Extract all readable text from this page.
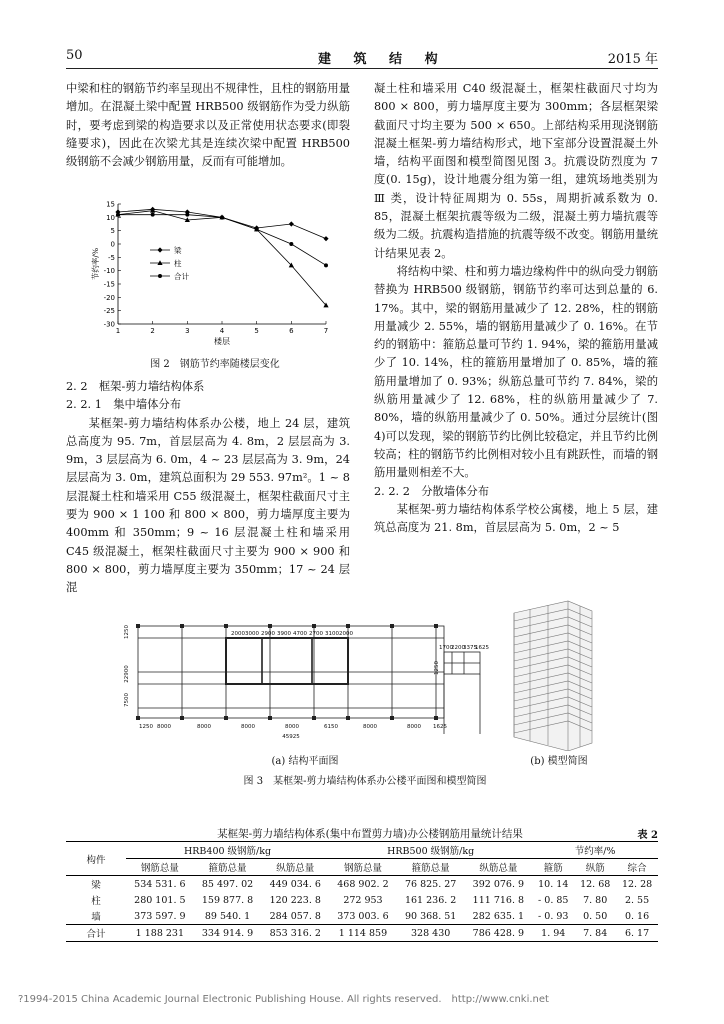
50	建 筑 结 构	2015 年

中梁和柱的钢筋节约率呈现出不规律性，且柱的钢筋用量增加。在混凝土梁中配置 HRB500 级钢筋作为受力纵筋时，要考虑到梁的构造要求以及正常使用状态要求(即裂缝要求)，因此在次梁尤其是连续次梁中配置 HRB500 级钢筋不会减少钢筋用量，反而有可能增加。

15
10
5
0
-5
-10
-15
-20
-25
-30
1	2	3	4	5	6	7
楼层
节约率/%	梁
柱
合计
图 2　钢筋节约率随楼层变化
2. 2　框架-剪力墙结构体系
2. 2. 1　集中墙体分布

某框架-剪力墙结构体系办公楼，地上 24 层，建筑总高度为 95. 7m，首层层高为 4. 8m，2 层层高为 3. 9m，3 层层高为 6. 0m，4 ~ 23 层层高为 3. 9m，24 层层高为 3. 0m，建筑总面积为 29 553. 97m²。1 ~ 8 层混凝土柱和墙采用 C55 级混凝土，框架柱截面尺寸主要为 900 × 1 100 和 800 × 800，剪力墙厚度主要为 400mm 和 350mm；9 ~ 16 层混凝土柱和墙采用 C45 级混凝土，框架柱截面尺寸主要为 900 × 900 和 800 × 800，剪力墙厚度主要为 350mm；17 ~ 24 层混

凝土柱和墙采用 C40 级混凝土，框架柱截面尺寸均为 800 × 800，剪力墙厚度主要为 300mm；各层框架梁截面尺寸均主要为 500 × 650。上部结构采用现浇钢筋混凝土框架-剪力墙结构形式，地下室部分设置混凝土外墙，结构平面图和模型简图见图 3。抗震设防烈度为 7 度(0. 15g)，设计地震分组为第一组，建筑场地类别为 Ⅲ 类，设计特征周期为 0. 55s，周期折减系数为 0. 85，混凝土框架抗震等级为二级，混凝土剪力墙抗震等级为二级。抗震构造措施的抗震等级不改变。钢筋用量统计结果见表 2。

将结构中梁、柱和剪力墙边缘构件中的纵向受力钢筋替换为 HRB500 级钢筋，钢筋节约率可达到总量的 6. 17%。其中，梁的钢筋用量减少了 12. 28%，柱的钢筋用量减少 2. 55%，墙的钢筋用量减少了 0. 16%。在节约的钢筋中：箍筋总量可节约 1. 94%，梁的箍筋用量减少了 10. 14%，柱的箍筋用量增加了 0. 85%，墙的箍筋用量增加了 0. 93%；纵筋总量可节约 7. 84%，梁的纵筋用量减少了 12. 68%，柱的纵筋用量减少了 7. 80%，墙的纵筋用量减少了 0. 50%。通过分层统计(图 4)可以发现，梁的钢筋节约比例比较稳定，并且节约比例较高；柱的钢筋节约比例相对较小且有跳跃性，而墙的钢筋用量则相差不大。

2. 2. 2　分散墙体分布

某框架-剪力墙结构体系学校公寓楼，地上 5 层，建筑总高度为 21. 8m，首层层高为 5. 0m，2 ~ 5

2000 3000 2900 3900 4700 2700 3100 2000
1700
2200
3375
1625
1250 8000	8000	8000	8000	6150	8000	8000 1625
45925
1250
22900
7500
1250
(a) 结构平面图	(b) 模型简图
图 3　某框架-剪力墙结构体系办公楼平面图和模型简图
某框架-剪力墙结构体系(集中布置剪力墙)办公楼钢筋用量统计结果	表 2
构件	HRB400 级钢筋/kg			HRB500 级钢筋/kg			节约率/%		
	钢筋总量	箍筋总量	纵筋总量	钢筋总量	箍筋总量	纵筋总量	箍筋	纵筋	综合
梁	534 531. 6	85 497. 02	449 034. 6	468 902. 2	76 825. 27	392 076. 9	10. 14	12. 68	12. 28
柱	280 101. 5	159 877. 8	120 223. 8	272 953	161 236. 2	111 716. 8	- 0. 85	7. 80	2. 55
墙	373 597. 9	89 540. 1	284 057. 8	373 003. 6	90 368. 51	282 635. 1	- 0. 93	0. 50	0. 16
合计	1 188 231	334 914. 9	853 316. 2	1 114 859	328 430	786 428. 9	1. 94	7. 84	6. 17
?1994-2015 China Academic Journal Electronic Publishing House. All rights reserved.　http://www.cnki.net
